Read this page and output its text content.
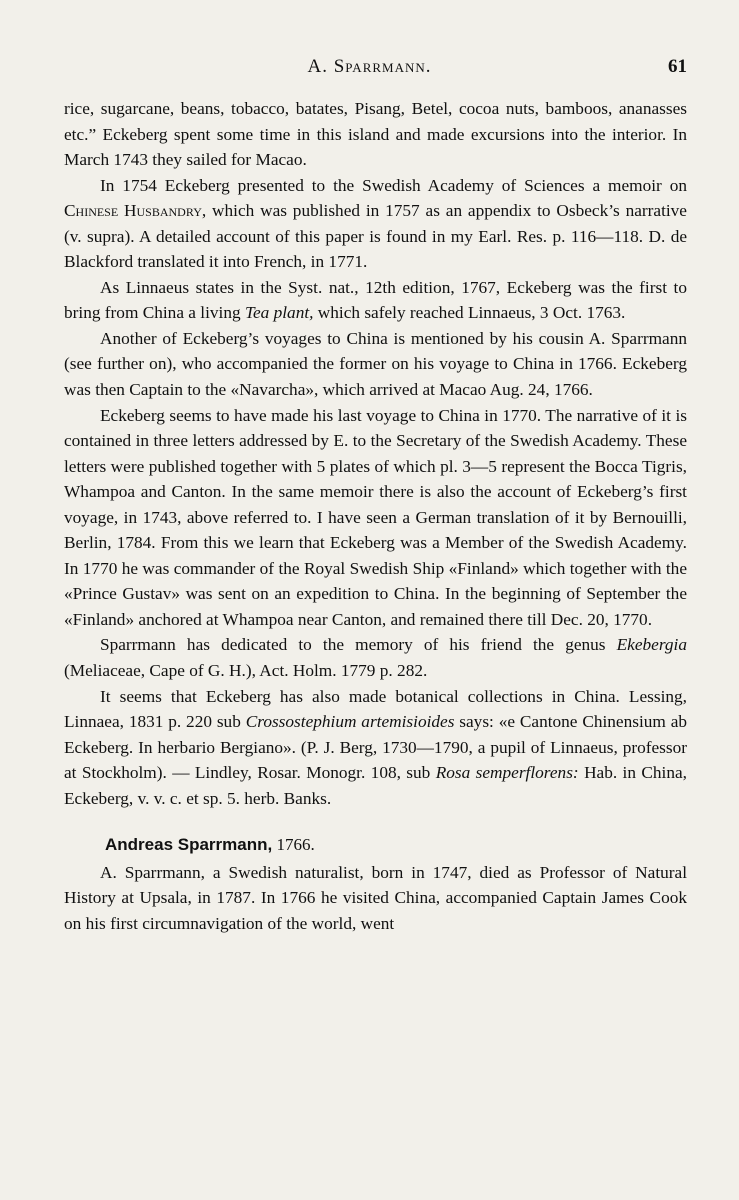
A. Sparrmann.	61

rice, sugarcane, beans, tobacco, batates, Pisang, Betel, cocoa nuts, bamboos, ananasses etc.” Eckeberg spent some time in this island and made excursions into the interior. In March 1743 they sailed for Macao.

In 1754 Eckeberg presented to the Swedish Academy of Sciences a memoir on Chinese Husbandry, which was published in 1757 as an appendix to Osbeck’s narrative (v. supra). A detailed account of this paper is found in my Earl. Res. p. 116—118. D. de Blackford translated it into French, in 1771.

As Linnaeus states in the Syst. nat., 12th edition, 1767, Eckeberg was the first to bring from China a living Tea plant, which safely reached Linnaeus, 3 Oct. 1763.

Another of Eckeberg’s voyages to China is mentioned by his cousin A. Sparrmann (see further on), who accompanied the former on his voyage to China in 1766. Eckeberg was then Captain to the «Navarcha», which arrived at Macao Aug. 24, 1766.

Eckeberg seems to have made his last voyage to China in 1770. The narrative of it is contained in three letters addressed by E. to the Secretary of the Swedish Academy. These letters were published together with 5 plates of which pl. 3—5 represent the Bocca Tigris, Whampoa and Canton. In the same memoir there is also the account of Eckeberg’s first voyage, in 1743, above referred to. I have seen a German translation of it by Bernouilli, Berlin, 1784. From this we learn that Eckeberg was a Member of the Swedish Academy. In 1770 he was commander of the Royal Swedish Ship «Finland» which together with the «Prince Gustav» was sent on an expedition to China. In the beginning of September the «Finland» anchored at Whampoa near Canton, and remained there till Dec. 20, 1770.

Sparrmann has dedicated to the memory of his friend the genus Ekebergia (Meliaceae, Cape of G. H.), Act. Holm. 1779 p. 282.

It seems that Eckeberg has also made botanical collections in China. Lessing, Linnaea, 1831 p. 220 sub Crossostephium artemisioides says: «e Cantone Chinensium ab Eckeberg. In herbario Bergiano». (P. J. Berg, 1730—1790, a pupil of Linnaeus, professor at Stockholm). — Lindley, Rosar. Monogr. 108, sub Rosa semperflorens: Hab. in China, Eckeberg, v. v. c. et sp. 5. herb. Banks.

Andreas Sparrmann, 1766.

A. Sparrmann, a Swedish naturalist, born in 1747, died as Professor of Natural History at Upsala, in 1787. In 1766 he visited China, accompanied Captain James Cook on his first circumnavigation of the world, went
